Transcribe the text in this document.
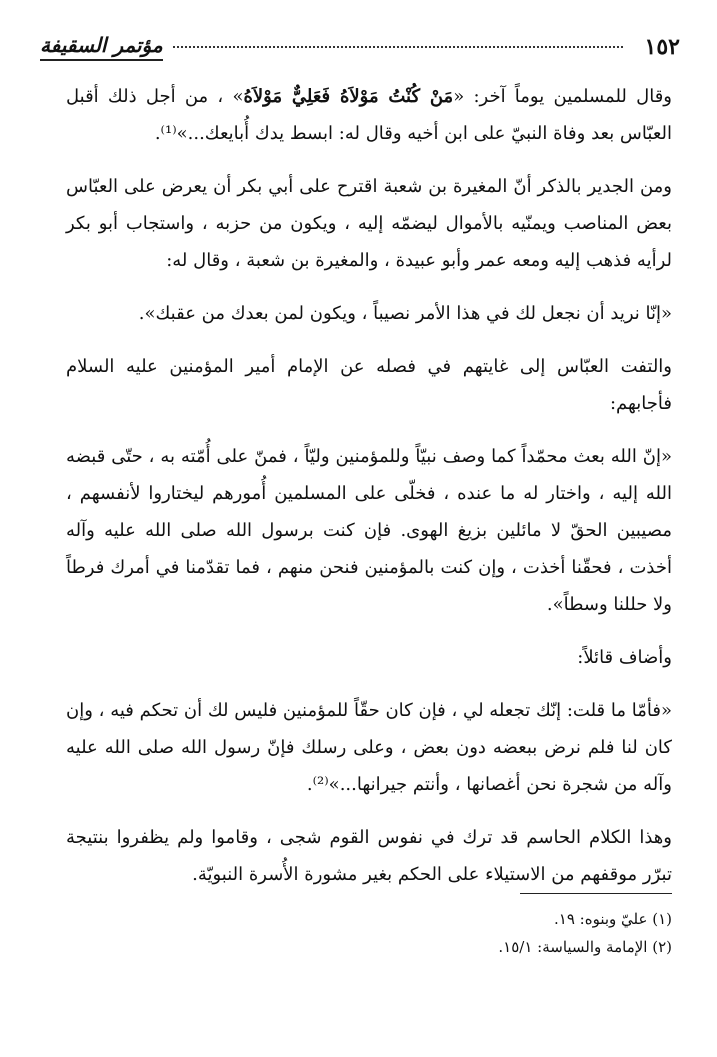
١٥٢
مؤتمر السقيفة

وقال للمسلمين يوماً آخر: «مَنْ كُنْتُ مَوْلاَهُ فَعَلِيٌّ مَوْلاَهُ» ، من أجل ذلك أقبل العبّاس بعد وفاة النبيّ على ابن أخيه وقال له: ابسط يدك أُبايعك...»⁽¹⁾.

ومن الجدير بالذكر أنّ المغيرة بن شعبة اقترح على أبي بكر أن يعرض على العبّاس بعض المناصب ويمنّيه بالأموال ليضمّه إليه ، ويكون من حزبه ، واستجاب أبو بكر لرأيه فذهب إليه ومعه عمر وأبو عبيدة ، والمغيرة بن شعبة ، وقال له:

«إنّا نريد أن نجعل لك في هذا الأمر نصيباً ، ويكون لمن بعدك من عقبك».

والتفت العبّاس إلى غايتهم في فصله عن الإمام أمير المؤمنين عليه السلام فأجابهم:

«إنّ الله بعث محمّداً كما وصف نبيّاً وللمؤمنين وليّاً ، فمنّ على أُمّته به ، حتّى قبضه الله إليه ، واختار له ما عنده ، فخلّى على المسلمين أُمورهم ليختاروا لأنفسهم ، مصيبين الحقّ لا مائلين بزيغ الهوى. فإن كنت برسول الله صلى الله عليه وآله أخذت ، فحقّنا أخذت ، وإن كنت بالمؤمنين فنحن منهم ، فما تقدّمنا في أمرك فرطاً ولا حللنا وسطاً».

وأضاف قائلاً:

«فأمّا ما قلت: إنّك تجعله لي ، فإن كان حقّاً للمؤمنين فليس لك أن تحكم فيه ، وإن كان لنا فلم نرض ببعضه دون بعض ، وعلى رسلك فإنّ رسول الله صلى الله عليه وآله من شجرة نحن أغصانها ، وأنتم جيرانها...»⁽²⁾.

وهذا الكلام الحاسم قد ترك في نفوس القوم شجى ، وقاموا ولم يظفروا بنتيجة تبرّر موقفهم من الاستيلاء على الحكم بغير مشورة الأُسرة النبويّة.

(١) عليّ وبنوه: ١٩.
(٢) الإمامة والسياسة: ١٥/١.
